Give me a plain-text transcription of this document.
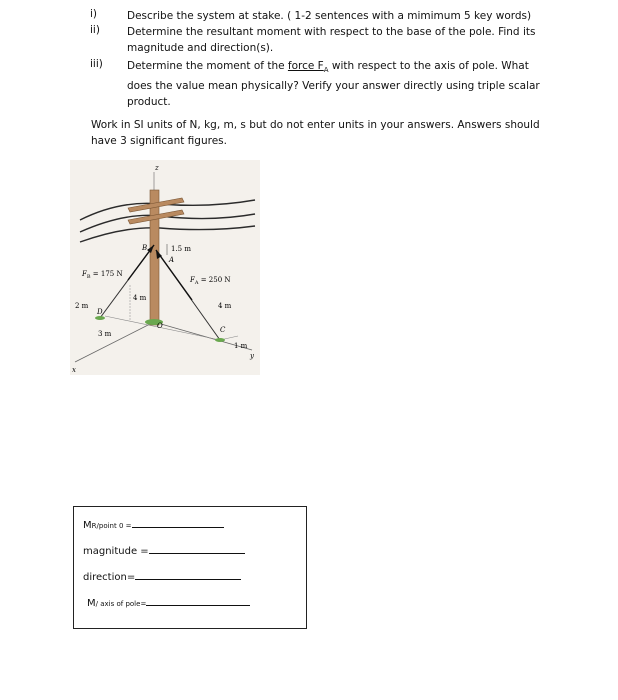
i)	Describe the system at stake. ( 1-2 sentences with a mimimum 5 key words)
ii)	Determine the resultant moment with respect to the base of the pole. Find its magnitude and direction(s).
iii) Determine the moment of the force $F_A$ with respect to the axis of pole. What does the value mean physically? Verify your answer directly using triple scalar product.
Work in SI units of N, kg, m, s but do not enter units in your answers. Answers should have 3 significant figures.
z
B
A
1.5 m
$F_B = 175$ N
$F_A = 250$ N
4 m
4 m
2 m
D
3 m
O	C
1 m
x
y
MR/point 0 =
magnitude =
direction=
M/ axis of pole=
